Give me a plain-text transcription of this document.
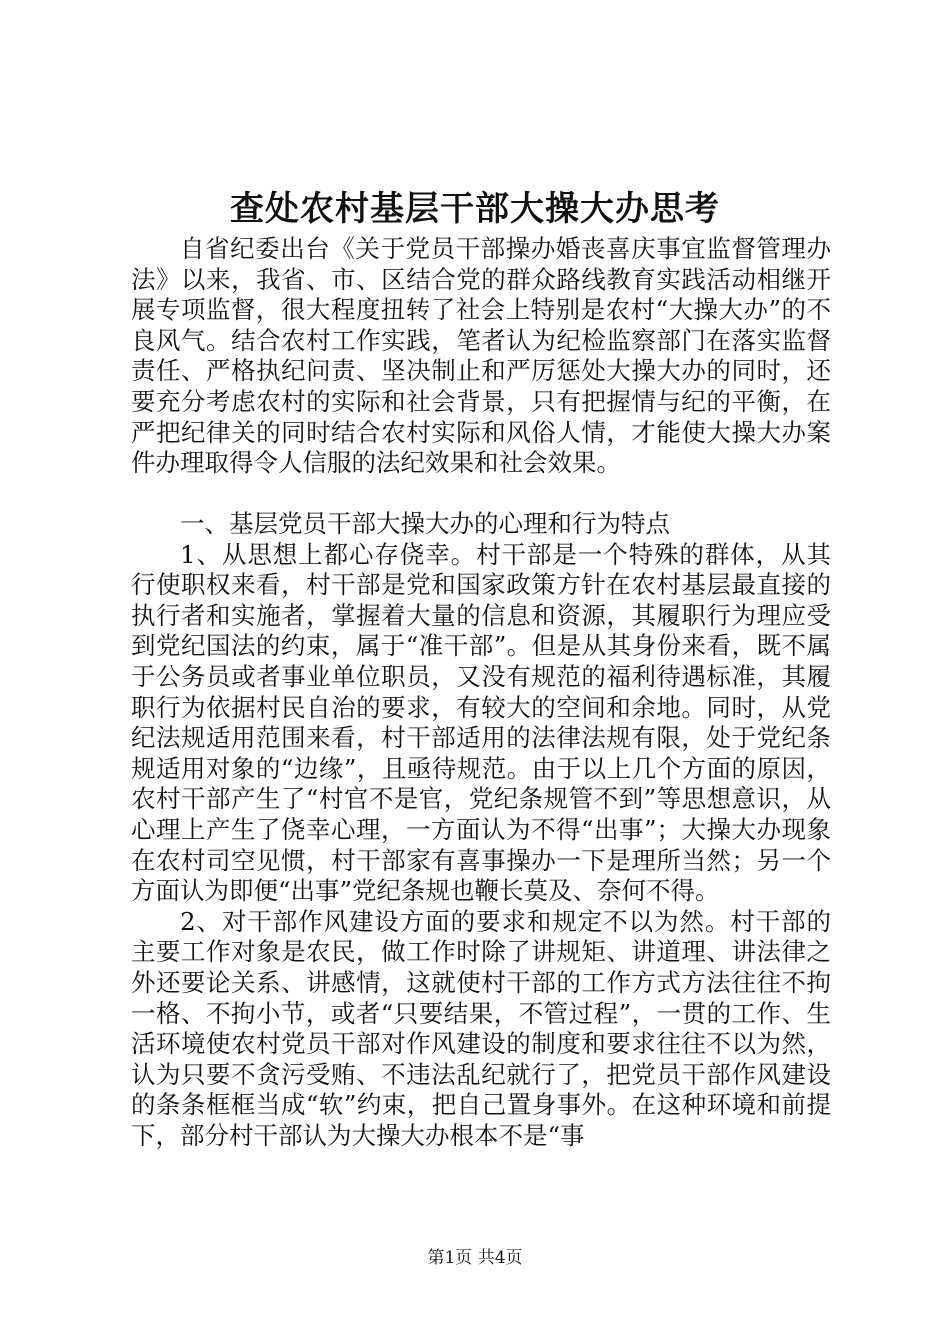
查处农村基层干部大操大办思考

自省纪委出台《关于党员干部操办婚丧喜庆事宜监督管理办法》以来，我省、市、区结合党的群众路线教育实践活动相继开展专项监督，很大程度扭转了社会上特别是农村“大操大办”的不良风气。结合农村工作实践，笔者认为纪检监察部门在落实监督责任、严格执纪问责、坚决制止和严厉惩处大操大办的同时，还要充分考虑农村的实际和社会背景，只有把握情与纪的平衡，在严把纪律关的同时结合农村实际和风俗人情，才能使大操大办案件办理取得令人信服的法纪效果和社会效果。

一、基层党员干部大操大办的心理和行为特点

1、从思想上都心存侥幸。村干部是一个特殊的群体，从其行使职权来看，村干部是党和国家政策方针在农村基层最直接的执行者和实施者，掌握着大量的信息和资源，其履职行为理应受到党纪国法的约束，属于“准干部”。但是从其身份来看，既不属于公务员或者事业单位职员，又没有规范的福利待遇标准，其履职行为依据村民自治的要求，有较大的空间和余地。同时，从党纪法规适用范围来看，村干部适用的法律法规有限，处于党纪条规适用对象的“边缘”，且亟待规范。由于以上几个方面的原因，农村干部产生了“村官不是官，党纪条规管不到”等思想意识，从心理上产生了侥幸心理，一方面认为不得“出事”；大操大办现象在农村司空见惯，村干部家有喜事操办一下是理所当然；另一个方面认为即便“出事”党纪条规也鞭长莫及、奈何不得。

2、对干部作风建设方面的要求和规定不以为然。村干部的主要工作对象是农民，做工作时除了讲规矩、讲道理、讲法律之外还要论关系、讲感情，这就使村干部的工作方式方法往往不拘一格、不拘小节，或者“只要结果，不管过程”，一贯的工作、生活环境使农村党员干部对作风建设的制度和要求往往不以为然，认为只要不贪污受贿、不违法乱纪就行了，把党员干部作风建设的条条框框当成“软”约束，把自己置身事外。在这种环境和前提下，部分村干部认为大操大办根本不是“事

第1页 共4页
